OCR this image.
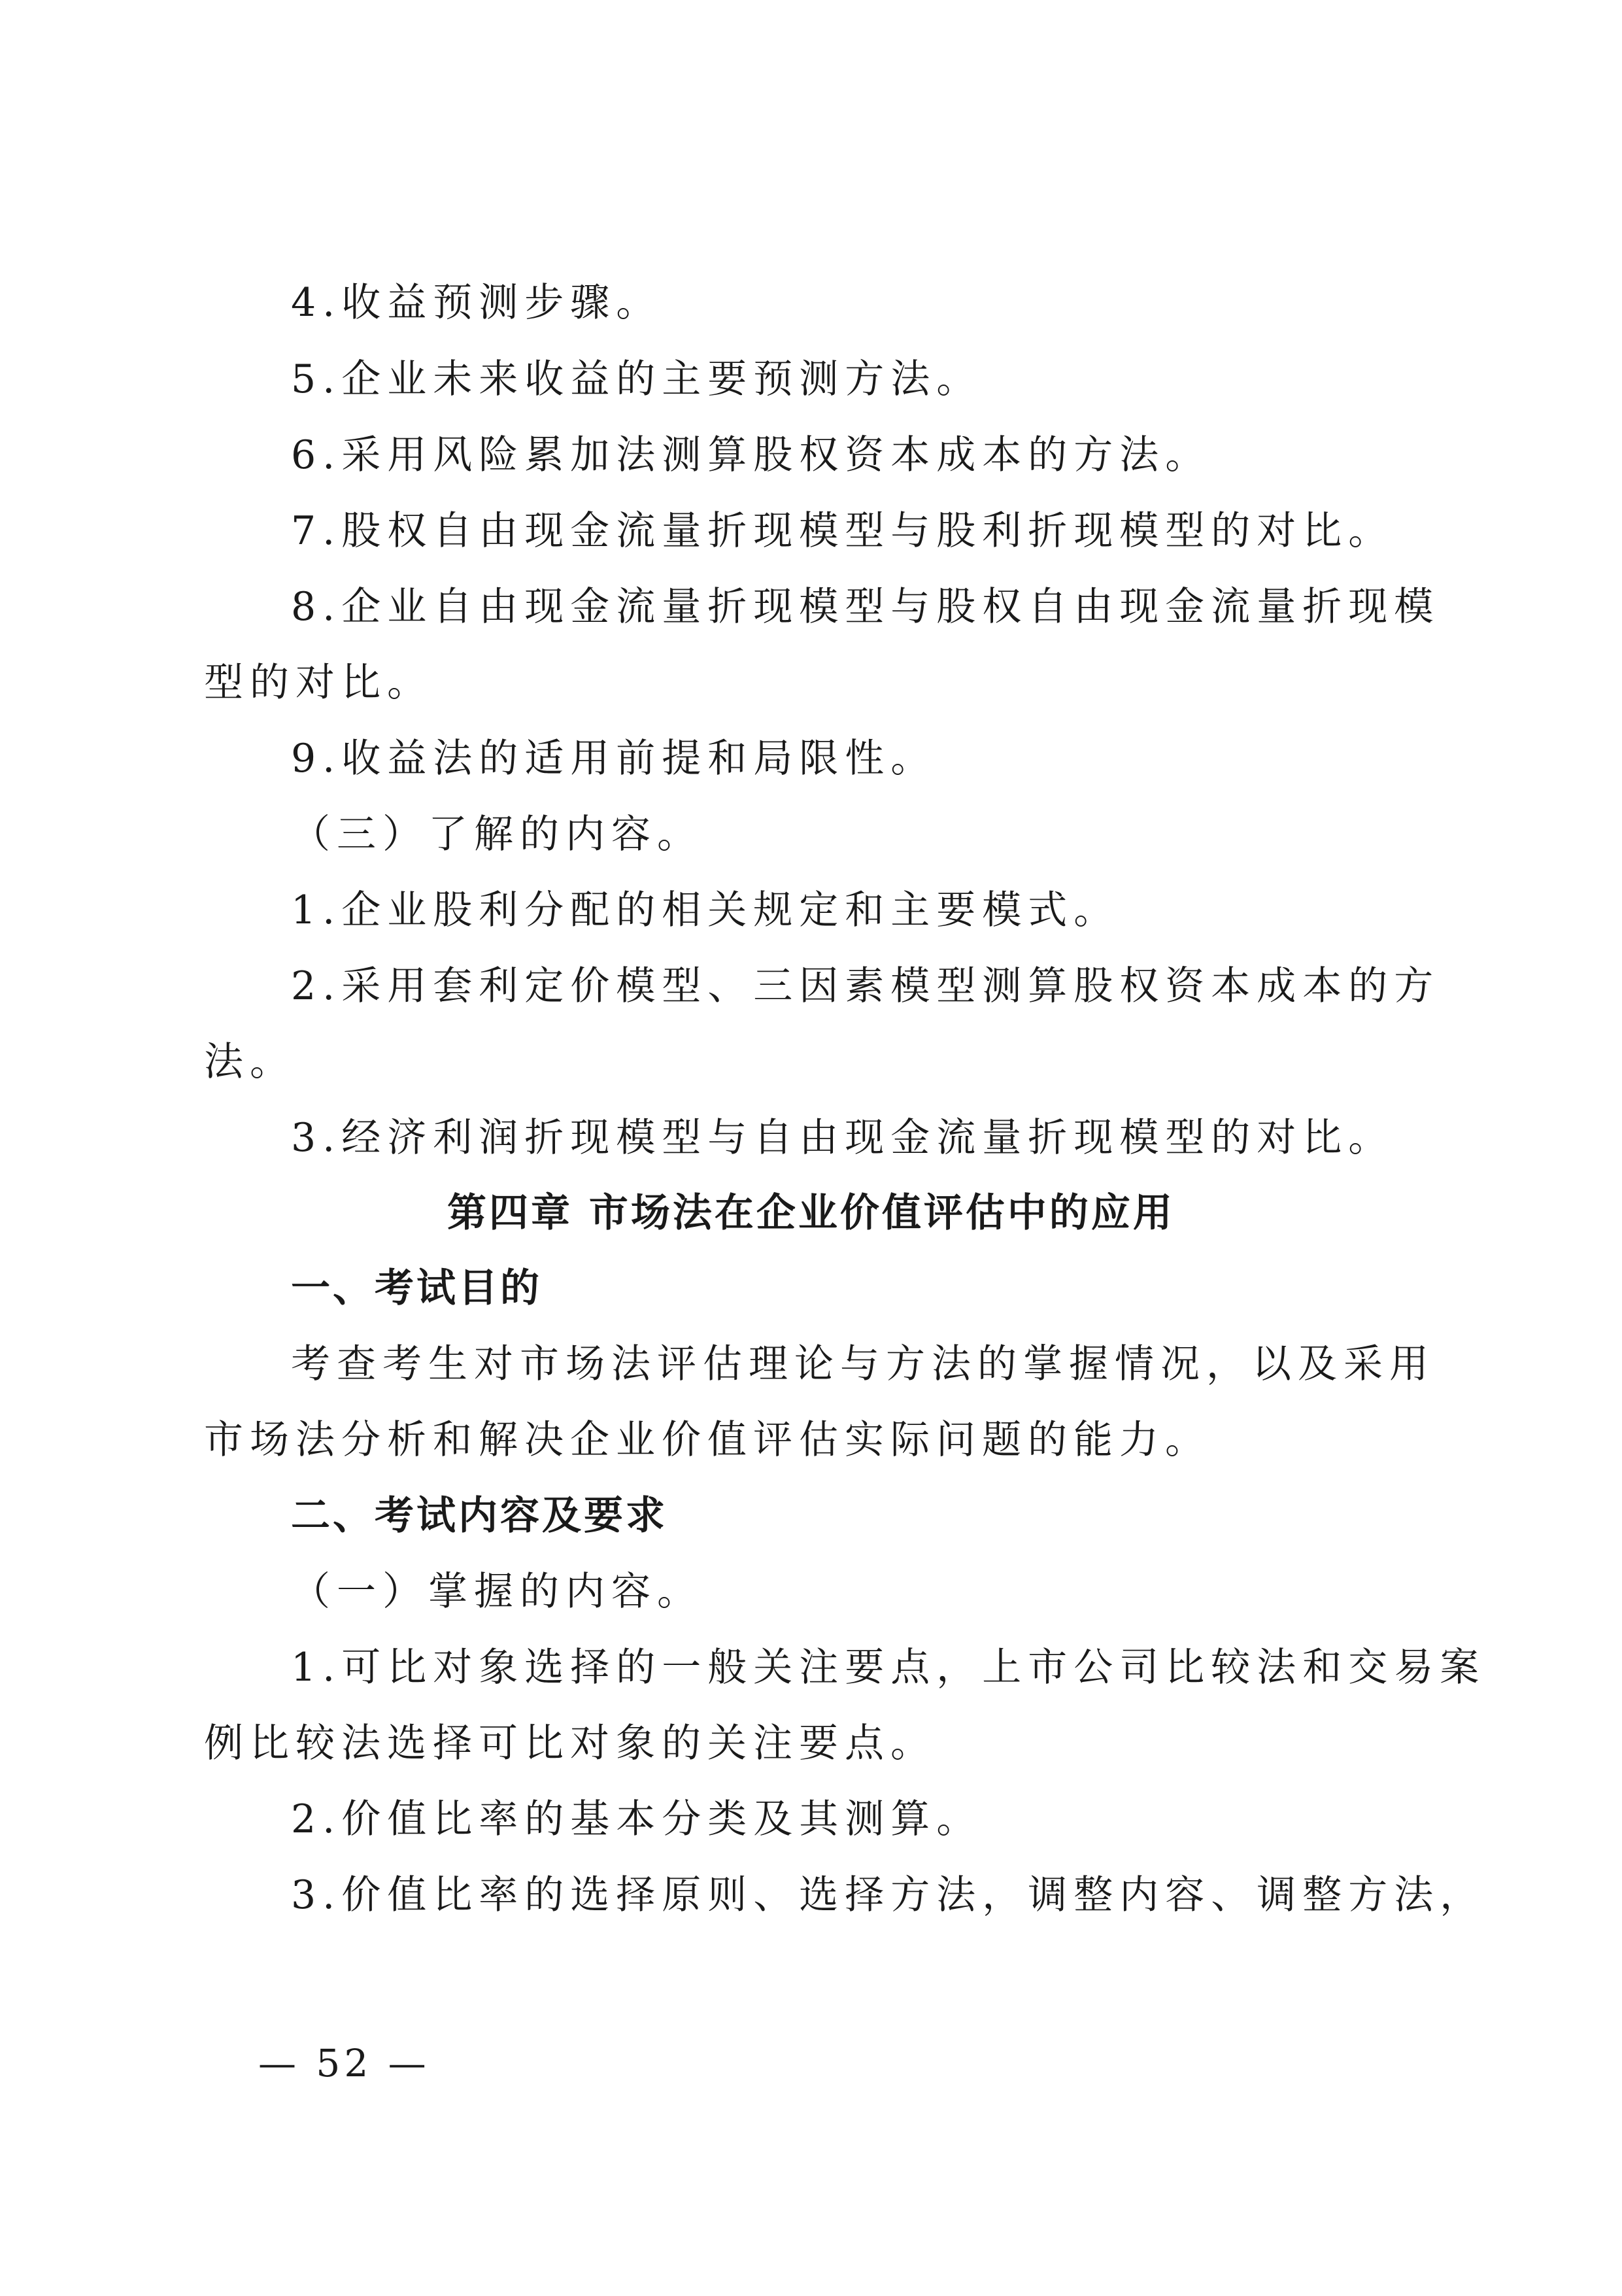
4.收益预测步骤。
5.企业未来收益的主要预测方法。
6.采用风险累加法测算股权资本成本的方法。
7.股权自由现金流量折现模型与股利折现模型的对比。
8.企业自由现金流量折现模型与股权自由现金流量折现模
型的对比。
9.收益法的适用前提和局限性。
（三）了解的内容。
1.企业股利分配的相关规定和主要模式。
2.采用套利定价模型、三因素模型测算股权资本成本的方
法。
3.经济利润折现模型与自由现金流量折现模型的对比。
第四章 市场法在企业价值评估中的应用
一、考试目的
考查考生对市场法评估理论与方法的掌握情况，以及采用
市场法分析和解决企业价值评估实际问题的能力。
二、考试内容及要求
（一）掌握的内容。
1.可比对象选择的一般关注要点，上市公司比较法和交易案
例比较法选择可比对象的关注要点。
2.价值比率的基本分类及其测算。
3.价值比率的选择原则、选择方法，调整内容、调整方法，
— 52 —
